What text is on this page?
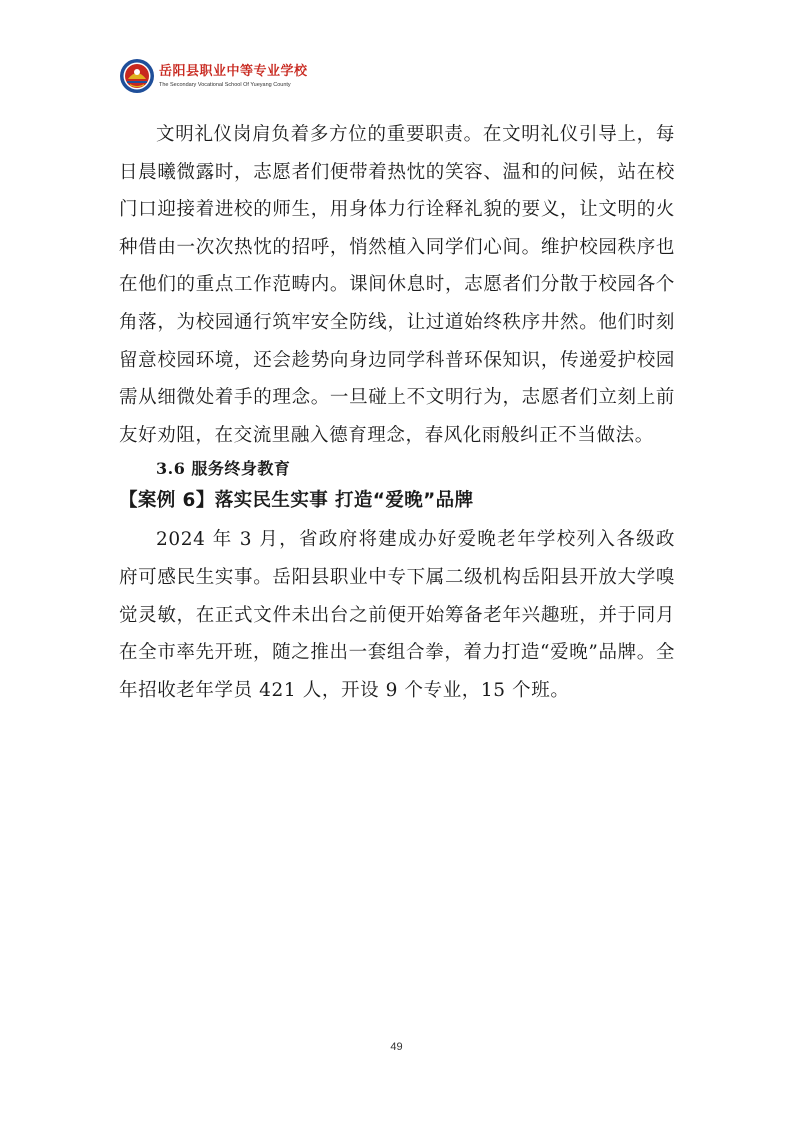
岳阳县职业中等专业学校
The Secondary Vocational School Of Yueyang County

文明礼仪岗肩负着多方位的重要职责。在文明礼仪引导上，每日晨曦微露时，志愿者们便带着热忱的笑容、温和的问候，站在校门口迎接着进校的师生，用身体力行诠释礼貌的要义，让文明的火种借由一次次热忱的招呼，悄然植入同学们心间。维护校园秩序也在他们的重点工作范畴内。课间休息时，志愿者们分散于校园各个角落，为校园通行筑牢安全防线，让过道始终秩序井然。他们时刻留意校园环境，还会趁势向身边同学科普环保知识，传递爱护校园需从细微处着手的理念。一旦碰上不文明行为，志愿者们立刻上前友好劝阻，在交流里融入德育理念，春风化雨般纠正不当做法。

3.6 服务终身教育

【案例 6】落实民生实事 打造“爱晚”品牌

2024 年 3 月，省政府将建成办好爱晚老年学校列入各级政府可感民生实事。岳阳县职业中专下属二级机构岳阳县开放大学嗅觉灵敏，在正式文件未出台之前便开始筹备老年兴趣班，并于同月在全市率先开班，随之推出一套组合拳，着力打造“爱晚”品牌。全年招收老年学员 421 人，开设 9 个专业，15 个班。

49
